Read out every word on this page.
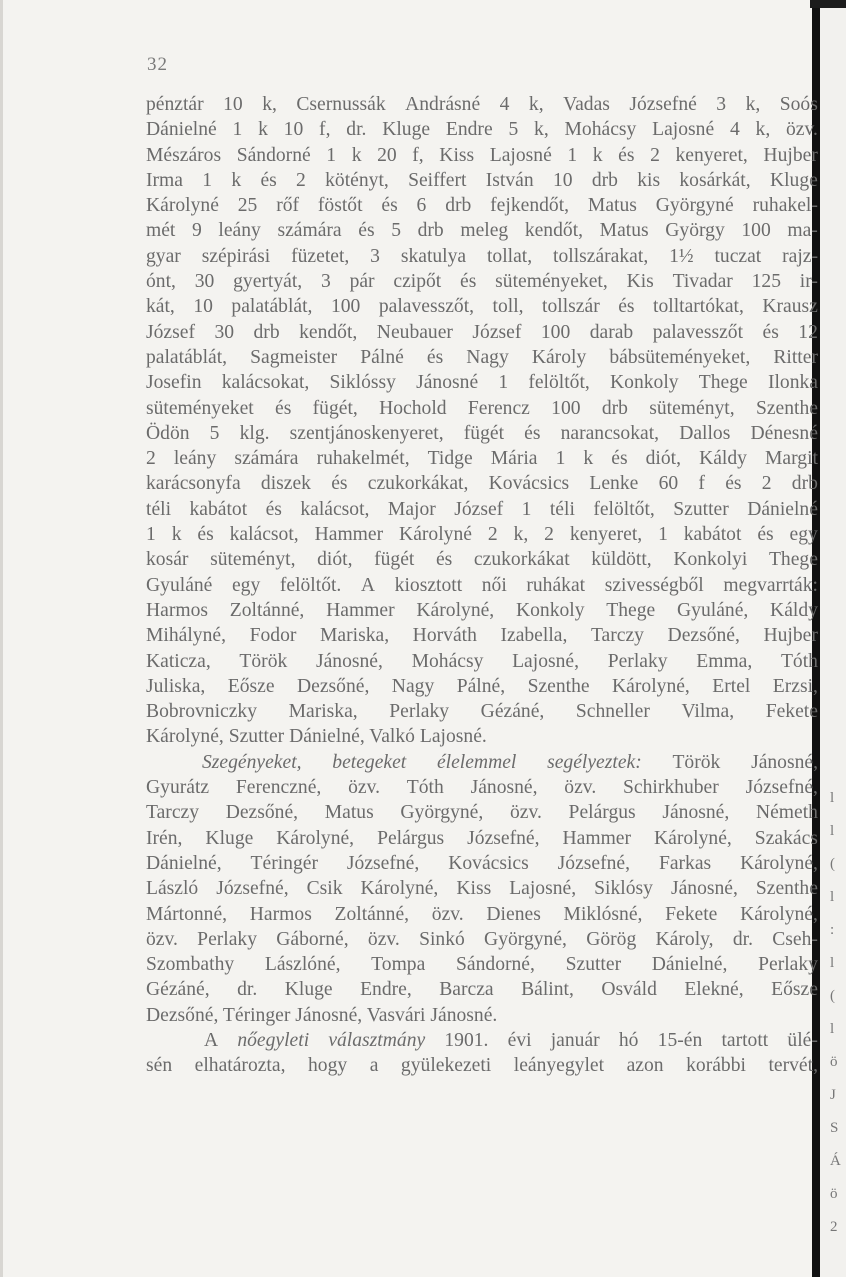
32
pénztár 10 k, Csernussák Andrásné 4 k, Vadas Józsefné 3 k, Soós
Dánielné 1 k 10 f, dr. Kluge Endre 5 k, Mohácsy Lajosné 4 k, özv.
Mészáros Sándorné 1 k 20 f, Kiss Lajosné 1 k és 2 kenyeret, Hujber
Irma 1 k és 2 kötényt, Seiffert István 10 drb kis kosárkát, Kluge
Károlyné 25 rőf föstőt és 6 drb fejkendőt, Matus Györgyné ruhakel-
mét 9 leány számára és 5 drb meleg kendőt, Matus György 100 ma-
gyar szépirási füzetet, 3 skatulya tollat, tollszárakat, 1½ tuczat rajz-
ónt, 30 gyertyát, 3 pár czipőt és süteményeket, Kis Tivadar 125 ir-
kát, 10 palatáblát, 100 palavesszőt, toll, tollszár és tolltartókat, Krausz
József 30 drb kendőt, Neubauer József 100 darab palavesszőt és 12
palatáblát, Sagmeister Pálné és Nagy Károly bábsüteményeket, Ritter
Josefin kalácsokat, Siklóssy Jánosné 1 felöltőt, Konkoly Thege Ilonka
süteményeket és fügét, Hochold Ferencz 100 drb süteményt, Szenthe
Ödön 5 klg. szentjánoskenyeret, fügét és narancsokat, Dallos Dénesné
2 leány számára ruhakelmét, Tidge Mária 1 k és diót, Káldy Margit
karácsonyfa diszek és czukorkákat, Kovácsics Lenke 60 f és 2 drb
téli kabátot és kalácsot, Major József 1 téli felöltőt, Szutter Dánielné
1 k és kalácsot, Hammer Károlyné 2 k, 2 kenyeret, 1 kabátot és egy
kosár süteményt, diót, fügét és czukorkákat küldött, Konkolyi Thege
Gyuláné egy felöltőt. A kiosztott női ruhákat szivességből megvarrták:
Harmos Zoltánné, Hammer Károlyné, Konkoly Thege Gyuláné, Káldy
Mihályné, Fodor Mariska, Horváth Izabella, Tarczy Dezsőné, Hujber
Katicza, Török Jánosné, Mohácsy Lajosné, Perlaky Emma, Tóth
Juliska, Eősze Dezsőné, Nagy Pálné, Szenthe Károlyné, Ertel Erzsi,
Bobrovniczky Mariska, Perlaky Gézáné, Schneller Vilma, Fekete
Károlyné, Szutter Dánielné, Valkó Lajosné.
Szegényeket, betegeket élelemmel segélyeztek: Török Jánosné,
Gyurátz Ferenczné, özv. Tóth Jánosné, özv. Schirkhuber Józsefné,
Tarczy Dezsőné, Matus Györgyné, özv. Pelárgus Jánosné, Németh
Irén, Kluge Károlyné, Pelárgus Józsefné, Hammer Károlyné, Szakács
Dánielné, Téringér Józsefné, Kovácsics Józsefné, Farkas Károlyné,
László Józsefné, Csik Károlyné, Kiss Lajosné, Siklósy Jánosné, Szenthe
Mártonné, Harmos Zoltánné, özv. Dienes Miklósné, Fekete Károlyné,
özv. Perlaky Gáborné, özv. Sinkó Györgyné, Görög Károly, dr. Cseh-
Szombathy Lászlóné, Tompa Sándorné, Szutter Dánielné, Perlaky
Gézáné, dr. Kluge Endre, Barcza Bálint, Osváld Elekné, Eősze
Dezsőné, Téringer Jánosné, Vasvári Jánosné.
A nőegyleti választmány 1901. évi január hó 15-én tartott ülé-
sén elhatározta, hogy a gyülekezeti leányegylet azon korábbi tervét,
l
l
(
l
:
l
(
l
ö
J
S
Á
ö
2
